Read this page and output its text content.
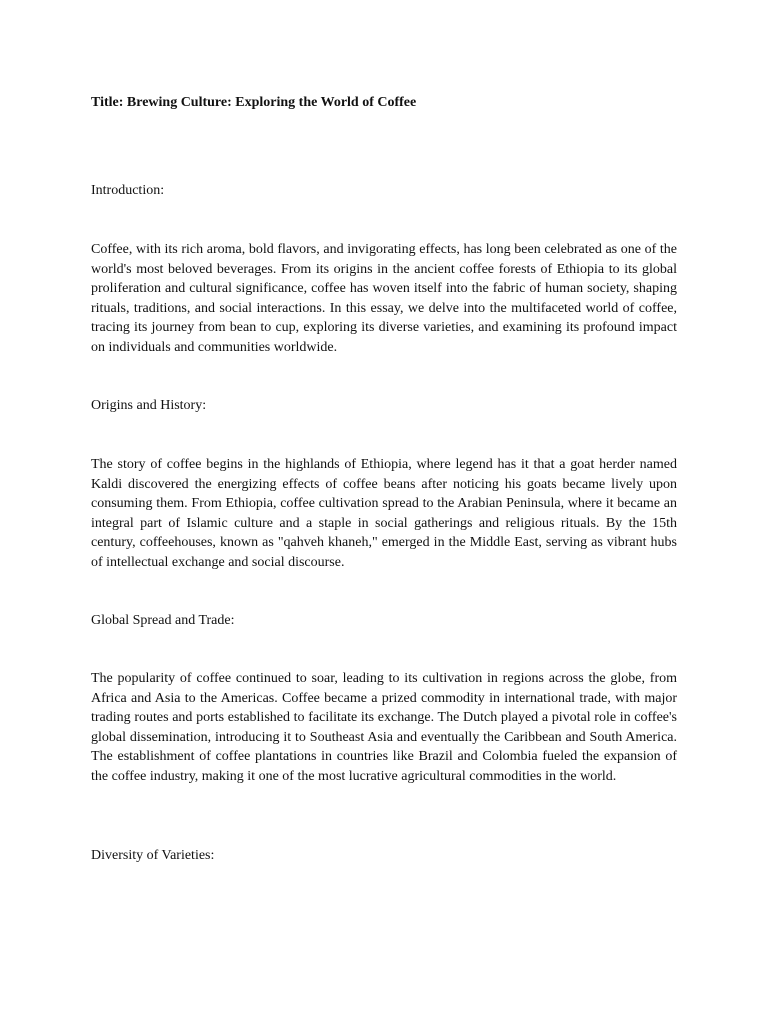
Title: Brewing Culture: Exploring the World of Coffee

Introduction:

Coffee, with its rich aroma, bold flavors, and invigorating effects, has long been celebrated as one of the world's most beloved beverages. From its origins in the ancient coffee forests of Ethiopia to its global proliferation and cultural significance, coffee has woven itself into the fabric of human society, shaping rituals, traditions, and social interactions. In this essay, we delve into the multifaceted world of coffee, tracing its journey from bean to cup, exploring its diverse varieties, and examining its profound impact on individuals and communities worldwide.

Origins and History:

The story of coffee begins in the highlands of Ethiopia, where legend has it that a goat herder named Kaldi discovered the energizing effects of coffee beans after noticing his goats became lively upon consuming them. From Ethiopia, coffee cultivation spread to the Arabian Peninsula, where it became an integral part of Islamic culture and a staple in social gatherings and religious rituals. By the 15th century, coffeehouses, known as "qahveh khaneh," emerged in the Middle East, serving as vibrant hubs of intellectual exchange and social discourse.

Global Spread and Trade:

The popularity of coffee continued to soar, leading to its cultivation in regions across the globe, from Africa and Asia to the Americas. Coffee became a prized commodity in international trade, with major trading routes and ports established to facilitate its exchange. The Dutch played a pivotal role in coffee's global dissemination, introducing it to Southeast Asia and eventually the Caribbean and South America. The establishment of coffee plantations in countries like Brazil and Colombia fueled the expansion of the coffee industry, making it one of the most lucrative agricultural commodities in the world.

Diversity of Varieties:
